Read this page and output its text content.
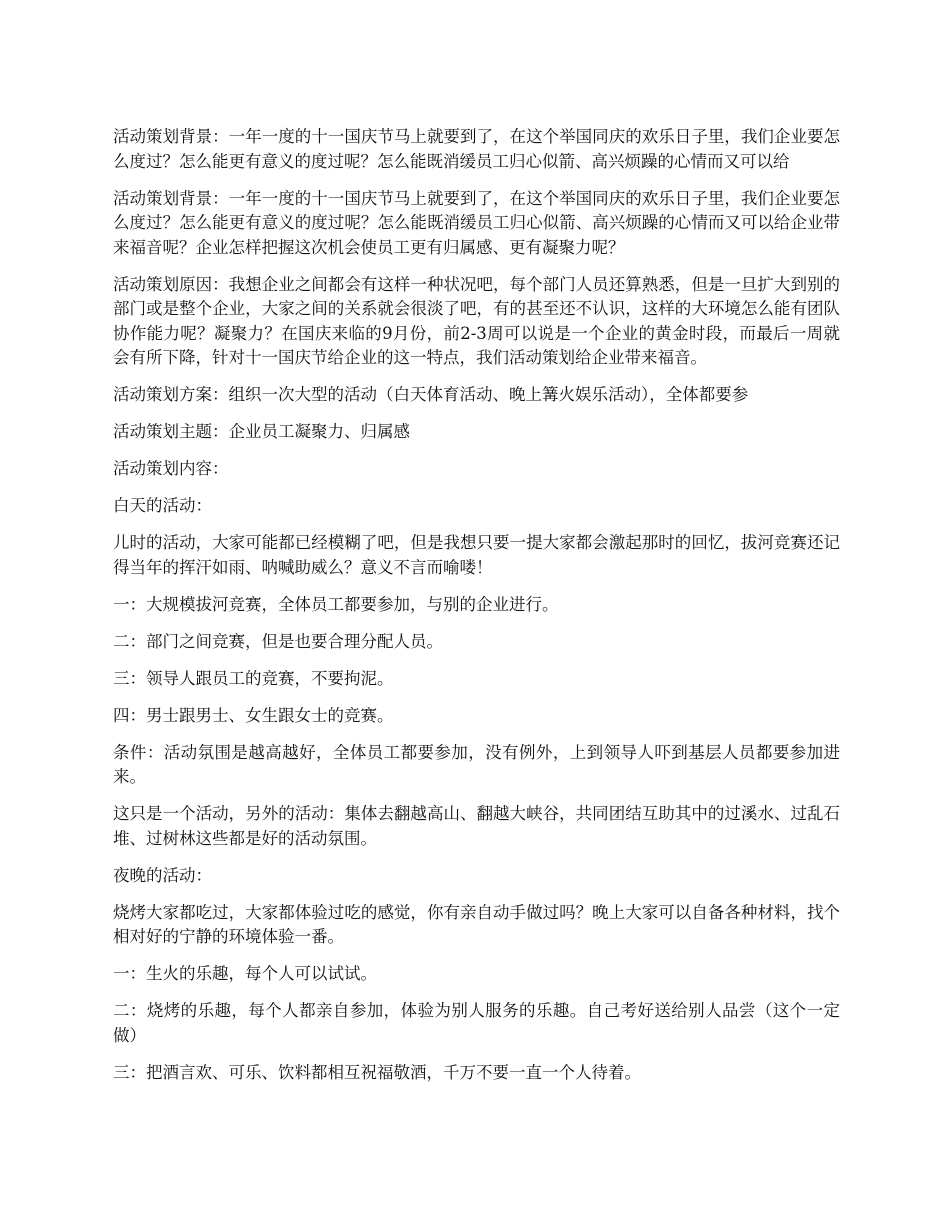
活动策划背景：一年一度的十一国庆节马上就要到了，在这个举国同庆的欢乐日子里，我们企业要怎么度过？怎么能更有意义的度过呢？怎么能既消缓员工归心似箭、高兴烦躁的心情而又可以给

活动策划背景：一年一度的十一国庆节马上就要到了，在这个举国同庆的欢乐日子里，我们企业要怎么度过？怎么能更有意义的度过呢？怎么能既消缓员工归心似箭、高兴烦躁的心情而又可以给企业带来福音呢？企业怎样把握这次机会使员工更有归属感、更有凝聚力呢？

活动策划原因：我想企业之间都会有这样一种状况吧，每个部门人员还算熟悉，但是一旦扩大到别的部门或是整个企业，大家之间的关系就会很淡了吧，有的甚至还不认识，这样的大环境怎么能有团队协作能力呢？凝聚力？在国庆来临的9月份，前2-3周可以说是一个企业的黄金时段，而最后一周就会有所下降，针对十一国庆节给企业的这一特点，我们活动策划给企业带来福音。

活动策划方案：组织一次大型的活动（白天体育活动、晚上篝火娱乐活动），全体都要参

活动策划主题：企业员工凝聚力、归属感

活动策划内容：

白天的活动：

儿时的活动，大家可能都已经模糊了吧，但是我想只要一提大家都会激起那时的回忆，拔河竞赛还记得当年的挥汗如雨、呐喊助威么？意义不言而喻喽！

一：大规模拔河竞赛，全体员工都要参加，与别的企业进行。

二：部门之间竞赛，但是也要合理分配人员。

三：领导人跟员工的竞赛，不要拘泥。

四：男士跟男士、女生跟女士的竞赛。

条件：活动氛围是越高越好，全体员工都要参加，没有例外，上到领导人吓到基层人员都要参加进来。

这只是一个活动，另外的活动：集体去翻越高山、翻越大峡谷，共同团结互助其中的过溪水、过乱石堆、过树林这些都是好的活动氛围。

夜晚的活动：

烧烤大家都吃过，大家都体验过吃的感觉，你有亲自动手做过吗？晚上大家可以自备各种材料，找个相对好的宁静的环境体验一番。

一：生火的乐趣，每个人可以试试。

二：烧烤的乐趣，每个人都亲自参加，体验为别人服务的乐趣。自己考好送给别人品尝（这个一定做）

三：把酒言欢、可乐、饮料都相互祝福敬酒，千万不要一直一个人待着。
